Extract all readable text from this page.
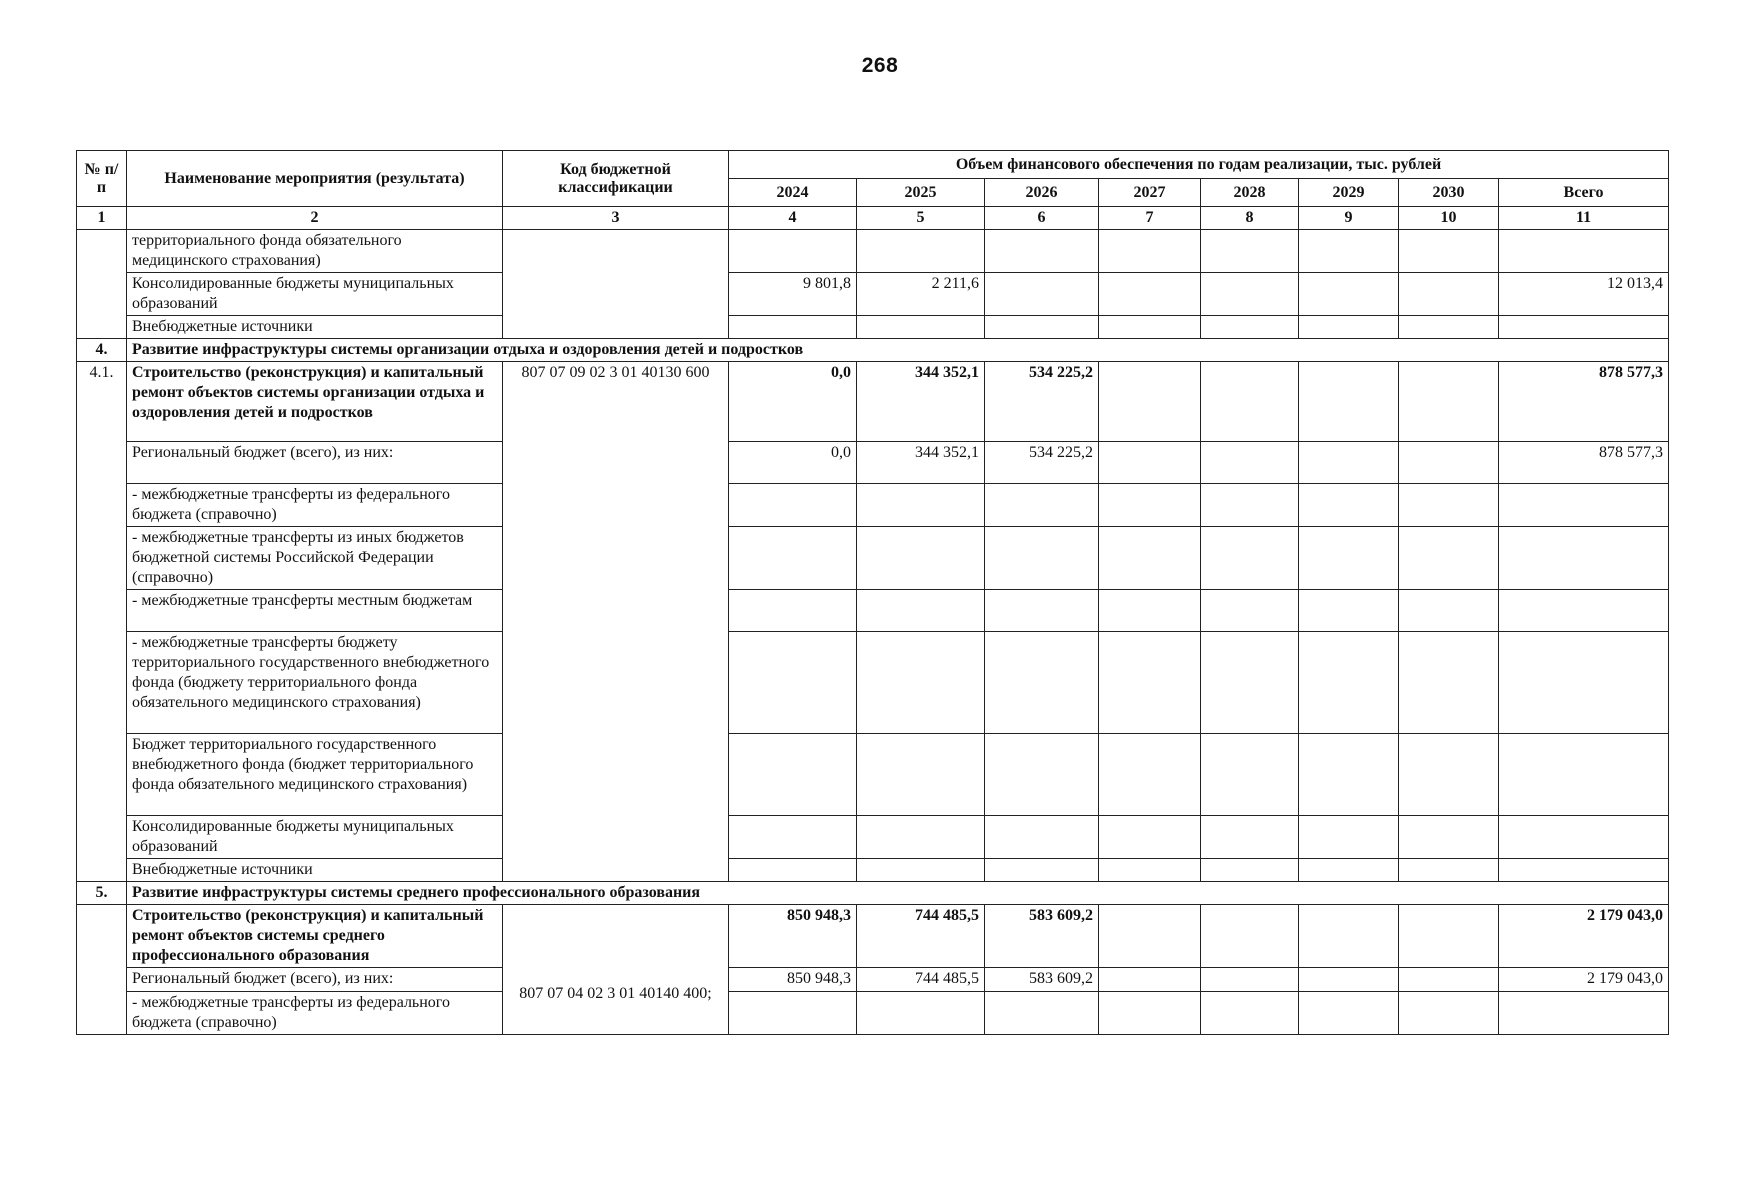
268
№ п/п	Наименование мероприятия (результата)	Код бюджетной классификации	Объем финансового обеспечения по годам реализации, тыс. рублей							
			2024	2025	2026	2027	2028	2029	2030	Всего
1	2	3	4	5	6	7	8	9	10	11
	территориального фонда обязательного медицинского страхования)									
	Консолидированные бюджеты муниципальных образований		9 801,8	2 211,6						12 013,4
	Внебюджетные источники									
4.	Развитие инфраструктуры системы организации отдыха и оздоровления детей и подростков									
4.1.	Строительство (реконструкция) и капитальный ремонт объектов системы организации отдыха и оздоровления детей и подростков	807 07 09 02 3 01 40130 600	0,0	344 352,1	534 225,2					878 577,3
	Региональный бюджет (всего), из них:		0,0	344 352,1	534 225,2					878 577,3
	- межбюджетные трансферты из федерального бюджета (справочно)									
	- межбюджетные трансферты из иных бюджетов бюджетной системы Российской Федерации (справочно)									
	- межбюджетные трансферты местным бюджетам									
	- межбюджетные трансферты бюджету территориального государственного внебюджетного фонда (бюджету территориального фонда обязательного медицинского страхования)									
	Бюджет территориального государственного внебюджетного фонда (бюджет территориального фонда обязательного медицинского страхования)									
	Консолидированные бюджеты муниципальных образований									
	Внебюджетные источники									
5.	Развитие инфраструктуры системы среднего профессионального образования									
	Строительство (реконструкция) и капитальный ремонт объектов системы среднего профессионального образования	807 07 04 02 3 01 40140 400;	850 948,3	744 485,5	583 609,2					2 179 043,0
	Региональный бюджет (всего), из них:		850 948,3	744 485,5	583 609,2					2 179 043,0
	- межбюджетные трансферты из федерального бюджета (справочно)									
